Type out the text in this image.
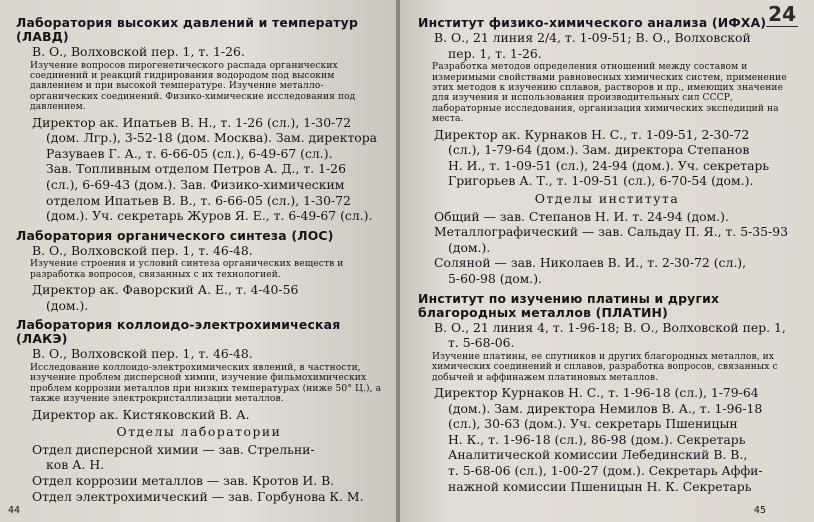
Лаборатория высоких давлений и температур (ЛАВД)
В. О., Волховской пер. 1, т. 1-26.
Изучение вопросов пирогенетического распада органических соединений и реакций гидрирования водородом под высоким давлением и при высокой температуре. Изучение металло-органических соединений. Физико-химические исследования под давлением.
Директор ак. Ипатьев В. Н., т. 1-26 (сл.), 1-30-72
(дом. Лгр.), 3-52-18 (дом. Москва). Зам. директора
Разуваев Г. А., т. 6-66-05 (сл.), 6-49-67 (сл.).
Зав. Топливным отделом Петров А. Д., т. 1-26
(сл.), 6-69-43 (дом.). Зав. Физико-химическим
отделом Ипатьев В. В., т. 6-66-05 (сл.), 1-30-72
(дом.). Уч. секретарь Журов Я. Е., т. 6-49-67 (сл.).
Лаборатория органического синтеза (ЛОС)
В. О., Волховской пер. 1, т. 46-48.
Изучение строения и условий синтеза органических веществ и разработка вопросов, связанных с их технологией.
Директор ак. Фаворский А. Е., т. 4-40-56
(дом.).
Лаборатория коллоидо-электрохимическая (ЛАКЭ)
В. О., Волховской пер. 1, т. 46-48.
Исследование коллоидо-электрохимических явлений, в частности, изучение проблем дисперсной химии, изучение фильмохимических проблем коррозии металлов при низких температурах (ниже 50° Ц.), а также изучение электрокристаллизации металлов.
Директор ак. Кистяковский В. А.
Отделы лаборатории
Отдел дисперсной химии — зав. Стрельни-
ков А. Н.
Отдел коррозии металлов — зав. Кротов И. В.
Отдел электрохимический — зав. Горбунова К. М.
44
24
Институт физико-химического анализа (ИФХА)
В. О., 21 линия 2/4, т. 1-09-51; В. О., Волховской
пер. 1, т. 1-26.
Разработка методов определения отношений между составом и измеримыми свойствами равновесных химических систем, применение этих методов к изучению сплавов, растворов и пр., имеющих значение для изучения и использования производительных сил СССР, лабораторные исследования, организация химических экспедиций на места.
Директор ак. Курнаков Н. С., т. 1-09-51, 2-30-72
(сл.), 1-79-64 (дом.). Зам. директора Степанов
Н. И., т. 1-09-51 (сл.), 24-94 (дом.). Уч. секретарь
Григорьев А. Т., т. 1-09-51 (сл.), 6-70-54 (дом.).
Отделы института
Общий — зав. Степанов Н. И. т. 24-94 (дом.).
Металлографический — зав. Сальдау П. Я., т. 5-35-93
(дом.).
Соляной — зав. Николаев В. И., т. 2-30-72 (сл.),
5-60-98 (дом.).
Институт по изучению платины и других благородных металлов (ПЛАТИН)
В. О., 21 линия 4, т. 1-96-18; В. О., Волховской пер. 1,
т. 5-68-06.
Изучение платины, ее спутников и других благородных металлов, их химических соединений и сплавов, разработка вопросов, связанных с добычей и аффинажем платиновых металлов.
Директор Курнаков Н. С., т. 1-96-18 (сл.), 1-79-64
(дом.). Зам. директора Немилов В. А., т. 1-96-18
(сл.), 30-63 (дом.). Уч. секретарь Пшеницын
Н. К., т. 1-96-18 (сл.), 86-98 (дом.). Секретарь
Аналитической комиссии Лебединский В. В.,
т. 5-68-06 (сл.), 1-00-27 (дом.). Секретарь Аффи-
нажной комиссии Пшеницын Н. К. Секретарь
45
